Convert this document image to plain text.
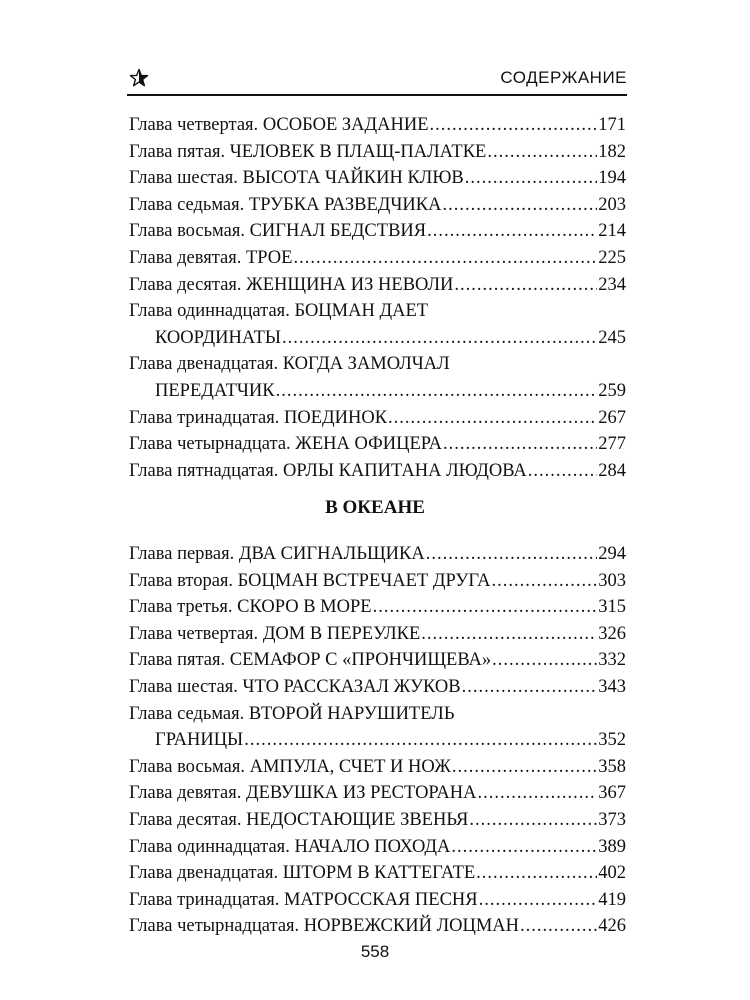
СОДЕРЖАНИЕ
Глава четвертая. ОСОБОЕ ЗАДАНИЕ .....	171
Глава пятая. ЧЕЛОВЕК В ПЛАЩ-ПАЛАТКЕ .....	182
Глава шестая. ВЫСОТА ЧАЙКИН КЛЮВ .....	194
Глава седьмая. ТРУБКА РАЗВЕДЧИКА .....	203
Глава восьмая. СИГНАЛ БЕДСТВИЯ .....	214
Глава девятая. ТРОЕ .....	225
Глава десятая. ЖЕНЩИНА ИЗ НЕВОЛИ .....	234
Глава одиннадцатая. БОЦМАН ДАЕТ
КООРДИНАТЫ .....	245
Глава двенадцатая. КОГДА ЗАМОЛЧАЛ
ПЕРЕДАТЧИК .....	259
Глава тринадцатая. ПОЕДИНОК .....	267
Глава четырнадцата. ЖЕНА ОФИЦЕРА .....	277
Глава пятнадцатая. ОРЛЫ КАПИТАНА ЛЮДОВА .....	284
В ОКЕАНЕ
Глава первая. ДВА СИГНАЛЬЩИКА .....	294
Глава вторая. БОЦМАН ВСТРЕЧАЕТ ДРУГА .....	303
Глава третья. СКОРО В МОРЕ .....	315
Глава четвертая. ДОМ В ПЕРЕУЛКЕ .....	326
Глава пятая. СЕМАФОР С «ПРОНЧИЩЕВА» .....	332
Глава шестая. ЧТО РАССКАЗАЛ ЖУКОВ .....	343
Глава седьмая. ВТОРОЙ НАРУШИТЕЛЬ
ГРАНИЦЫ .....	352
Глава восьмая. АМПУЛА, СЧЕТ И НОЖ .....	358
Глава девятая. ДЕВУШКА ИЗ РЕСТОРАНА .....	367
Глава десятая. НЕДОСТАЮЩИЕ ЗВЕНЬЯ .....	373
Глава одиннадцатая. НАЧАЛО ПОХОДА .....	389
Глава двенадцатая. ШТОРМ В КАТТЕГАТЕ .....	402
Глава тринадцатая. МАТРОССКАЯ ПЕСНЯ .....	419
Глава четырнадцатая. НОРВЕЖСКИЙ ЛОЦМАН .....	426
558
